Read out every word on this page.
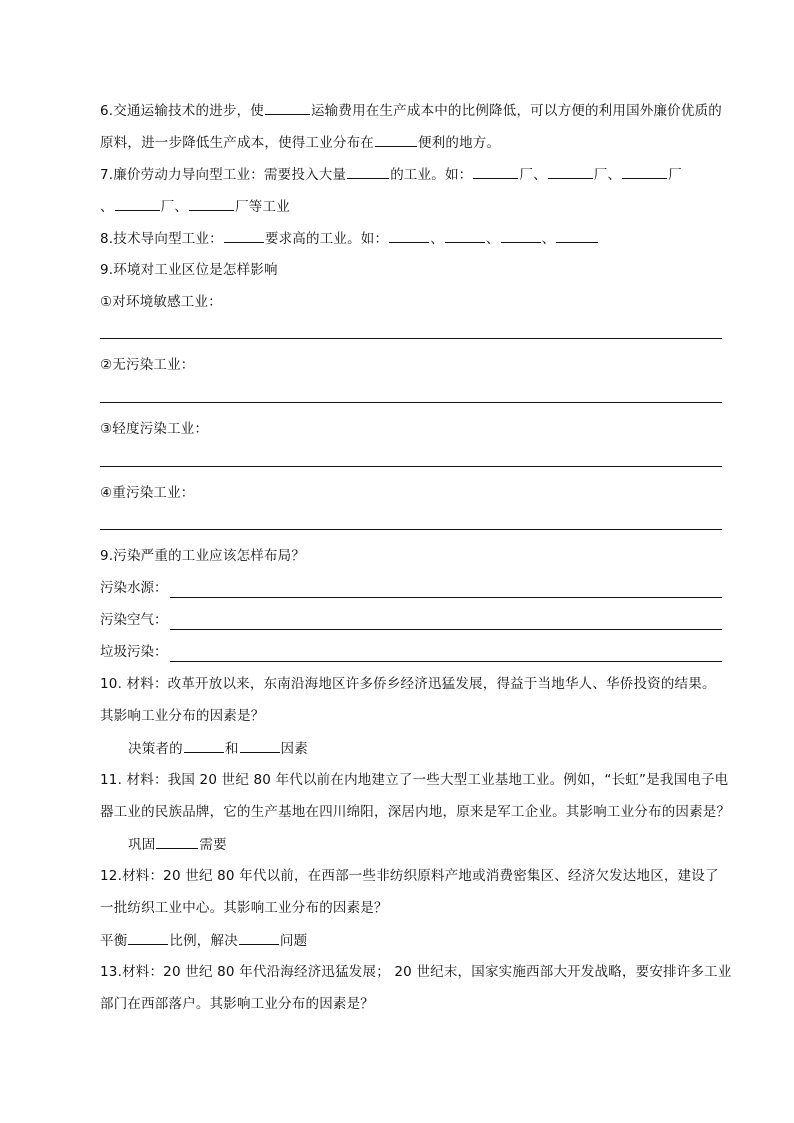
6.交通运输技术的进步，使	运输费用在生产成本中的比例降低，可以方便的利用国外廉价优质的
原料，进一步降低生产成本，使得工业分布在	便利的地方。
7.廉价劳动力导向型工业：需要投入大量	的工业。如：	厂、	厂、	厂
、	厂、	厂等工业
8.技术导向型工业：	要求高的工业。如：	、	、	、
9.环境对工业区位是怎样影响
①对环境敏感工业：
②无污染工业：
③轻度污染工业：
④重污染工业：
9.污染严重的工业应该怎样布局？
污染水源：
污染空气：
垃圾污染：
10. 材料：改革开放以来，东南沿海地区许多侨乡经济迅猛发展，得益于当地华人、华侨投资的结果。
其影响工业分布的因素是？
决策者的	和	因素
11. 材料：我国 20 世纪 80 年代以前在内地建立了一些大型工业基地工业。例如，“长虹”是我国电子电
器工业的民族品牌，它的生产基地在四川绵阳，深居内地，原来是军工企业。其影响工业分布的因素是？
巩固	需要
12.材料：20 世纪 80 年代以前，在西部一些非纺织原料产地或消费密集区、经济欠发达地区，建设了
一批纺织工业中心。其影响工业分布的因素是？
平衡	比例，解决	问题
13.材料：20 世纪 80 年代沿海经济迅猛发展； 20 世纪末，国家实施西部大开发战略，要安排许多工业
部门在西部落户。其影响工业分布的因素是？
